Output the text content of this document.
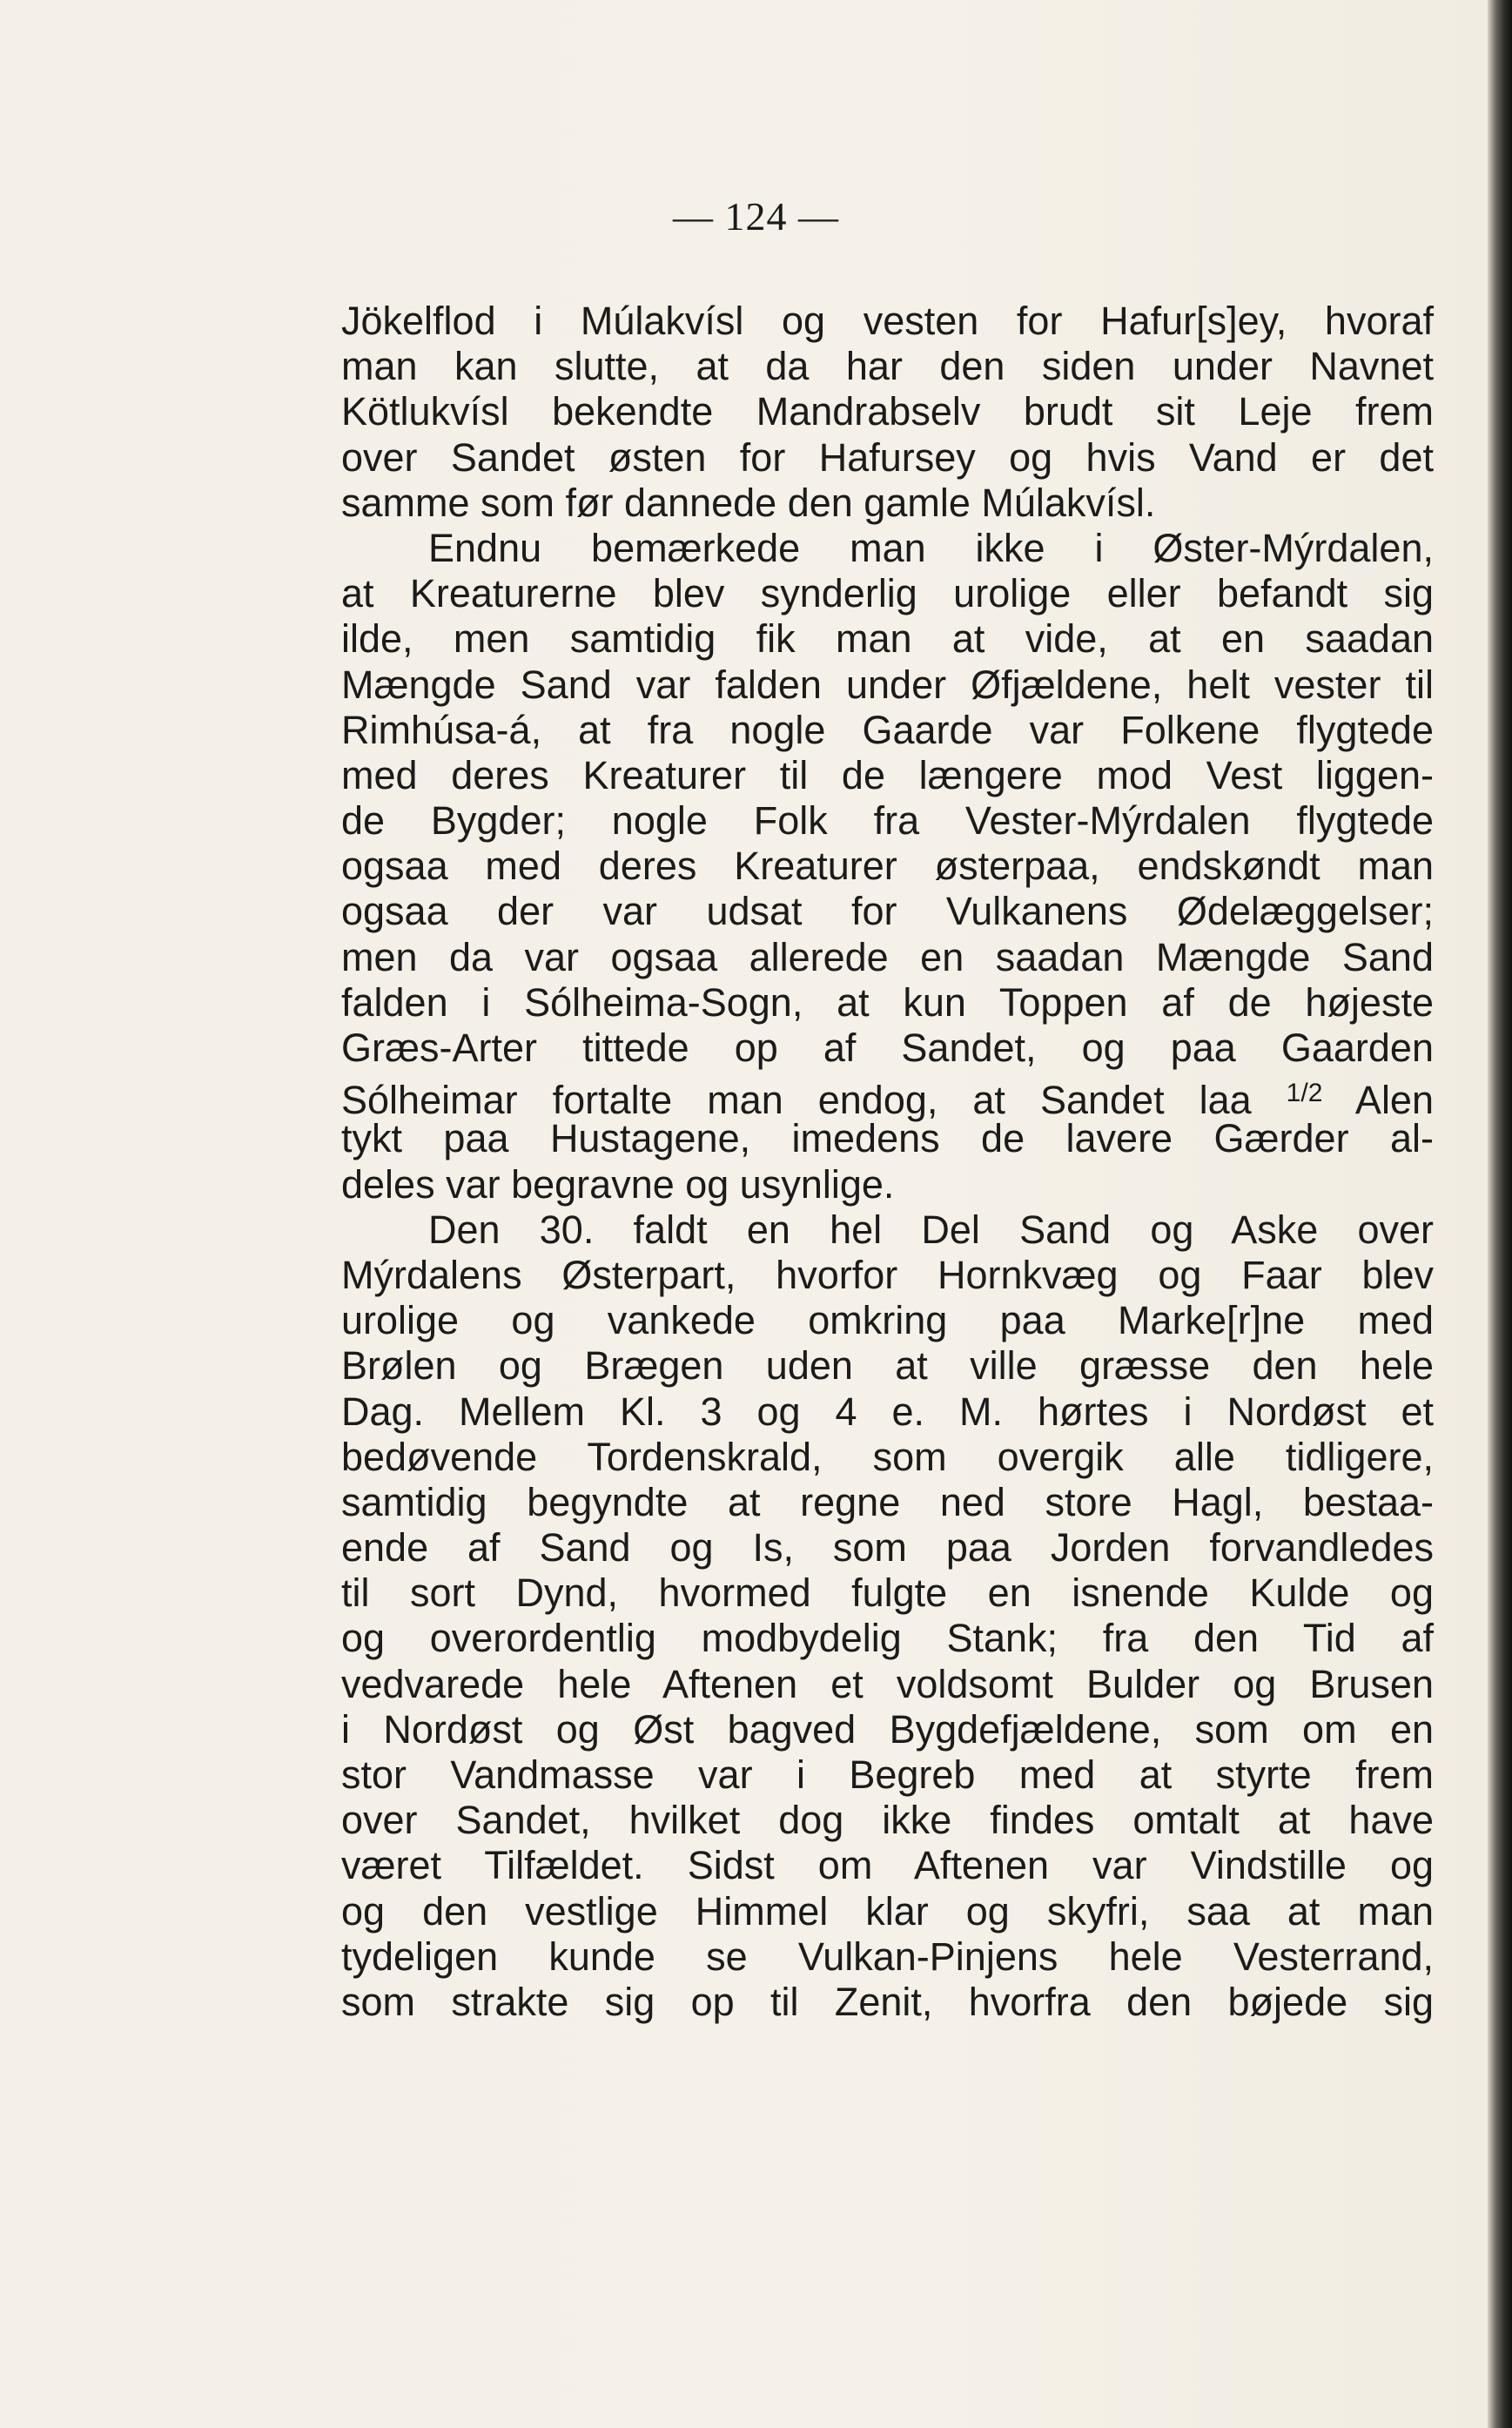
— 124 —
Jökelflod i Múlakvísl og vesten for Hafur[s]ey, hvoraf
man kan slutte, at da har den siden under Navnet
Kötlukvísl bekendte Mandrabselv brudt sit Leje frem
over Sandet østen for Hafursey og hvis Vand er det
samme som før dannede den gamle Múlakvísl.
Endnu bemærkede man ikke i Øster-Mýrdalen,
at Kreaturerne blev synderlig urolige eller befandt sig
ilde, men samtidig fik man at vide, at en saadan
Mængde Sand var falden under Øfjældene, helt vester til
Rimhúsa-á, at fra nogle Gaarde var Folkene flygtede
med deres Kreaturer til de længere mod Vest liggen-
de Bygder; nogle Folk fra Vester-Mýrdalen flygtede
ogsaa med deres Kreaturer østerpaa, endskøndt man
ogsaa der var udsat for Vulkanens Ødelæggelser;
men da var ogsaa allerede en saadan Mængde Sand
falden i Sólheima-Sogn, at kun Toppen af de højeste
Græs-Arter tittede op af Sandet, og paa Gaarden
Sólheimar fortalte man endog, at Sandet laa $^{1/2}$ Alen
tykt paa Hustagene, imedens de lavere Gærder al-
deles var begravne og usynlige.
Den 30. faldt en hel Del Sand og Aske over
Mýrdalens Østerpart, hvorfor Hornkvæg og Faar blev
urolige og vankede omkring paa Marke[r]ne med
Brølen og Brægen uden at ville græsse den hele
Dag. Mellem Kl. 3 og 4 e. M. hørtes i Nordøst et
bedøvende Tordenskrald, som overgik alle tidligere,
samtidig begyndte at regne ned store Hagl, bestaa-
ende af Sand og Is, som paa Jorden forvandledes
til sort Dynd, hvormed fulgte en isnende Kulde og
og overordentlig modbydelig Stank; fra den Tid af
vedvarede hele Aftenen et voldsomt Bulder og Brusen
i Nordøst og Øst bagved Bygdefjældene, som om en
stor Vandmasse var i Begreb med at styrte frem
over Sandet, hvilket dog ikke findes omtalt at have
været Tilfældet. Sidst om Aftenen var Vindstille og
og den vestlige Himmel klar og skyfri, saa at man
tydeligen kunde se Vulkan-Pinjens hele Vesterrand,
som strakte sig op til Zenit, hvorfra den bøjede sig
